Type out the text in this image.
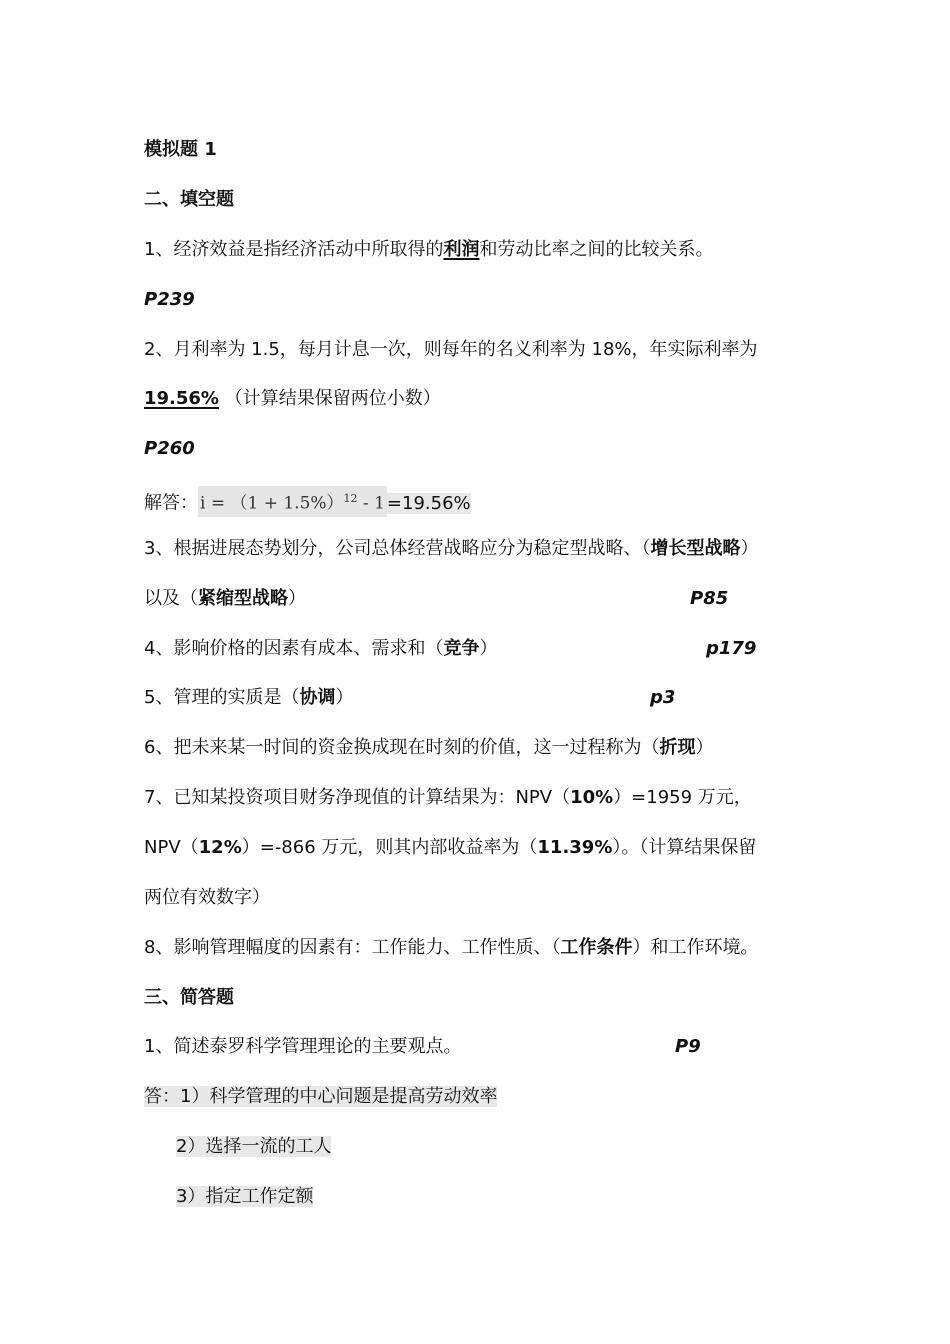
模拟题 1
二、填空题
1、经济效益是指经济活动中所取得的利润和劳动比率之间的比较关系。
P239
2、月利率为 1.5，每月计息一次，则每年的名义利率为 18%，年实际利率为
19.56% （计算结果保留两位小数）
P260
解答： $i = (1 + 1.5\%)^{12} - 1 =19.56\%$
3、根据进展态势划分，公司总体经营战略应分为稳定型战略、（增长型战略）
以及（紧缩型战略）	P85
4、影响价格的因素有成本、需求和（竞争）	p179
5、管理的实质是（协调）	p3
6、把未来某一时间的资金换成现在时刻的价值，这一过程称为（折现）
7、已知某投资项目财务净现值的计算结果为：NPV（10%）=1959 万元，
NPV（12%）=-866 万元，则其内部收益率为（11.39%）。（计算结果保留
两位有效数字）
8、影响管理幅度的因素有：工作能力、工作性质、（工作条件）和工作环境。
三、简答题
1、简述泰罗科学管理理论的主要观点。	P9
答：1）科学管理的中心问题是提高劳动效率
2）选择一流的工人
3）指定工作定额
